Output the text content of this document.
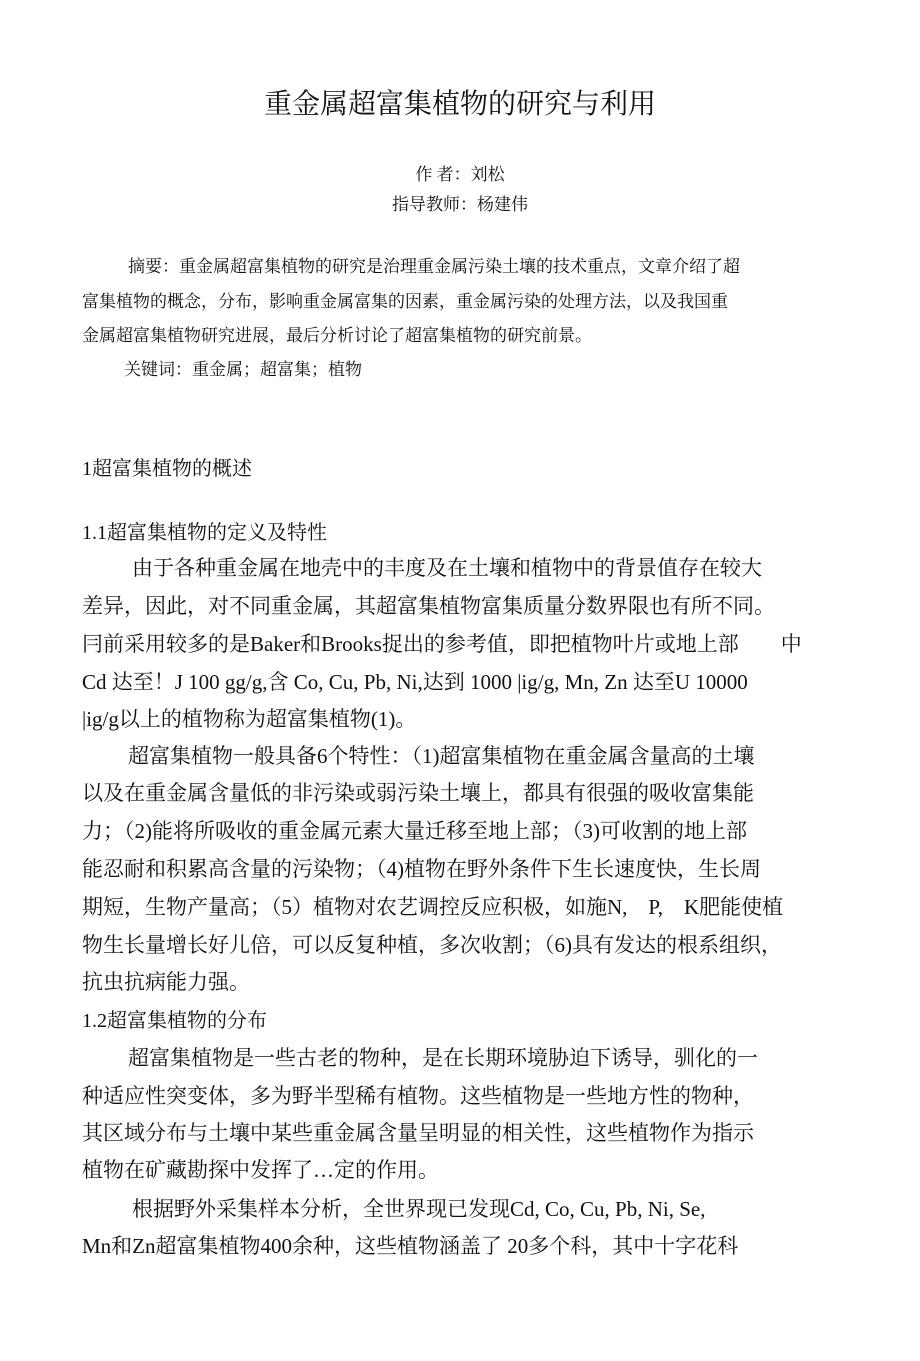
重金属超富集植物的研究与利用
作 者：刘松
指导教师：杨建伟
摘要：重金属超富集植物的研究是治理重金属污染土壤的技术重点，文章介绍了超
富集植物的概念，分布，影响重金属富集的因素，重金属污染的处理方法，以及我国重
金属超富集植物研究进展，最后分析讨论了超富集植物的研究前景。
关键词：重金属；超富集；植物
1超富集植物的概述
1.1超富集植物的定义及特性
由于各种重金属在地壳中的丰度及在土壤和植物中的背景值存在较大
差异，因此，对不同重金属，其超富集植物富集质量分数界限也有所不同。
冃前采用较多的是Baker和Brooks捉出的参考值，即把植物叶片或地上部　　中
Cd 达至！J 100 gg/g,含 Co, Cu, Pb, Ni,达到 1000 |ig/g, Mn, Zn 达至U 10000
|ig/g以上的植物称为超富集植物(1)。
超富集植物一般具备6个特性：（1)超富集植物在重金属含量高的土壤
以及在重金属含量低的非污染或弱污染土壤上，都具有很强的吸收富集能
力；（2)能将所吸收的重金属元素大量迁移至地上部；（3)可收割的地上部
能忍耐和积累高含量的污染物；（4)植物在野外条件下生长速度快，生长周
期短，生物产量高；（5）植物对农艺调控反应积极，如施N,　P,　K肥能使植
物生长量增长好儿倍，可以反复种植，多次收割；（6)具有发达的根系组织，
抗虫抗病能力强。
1.2超富集植物的分布
超富集植物是一些古老的物种，是在长期环境胁迫下诱导，驯化的一
种适应性突变体，多为野半型稀有植物。这些植物是一些地方性的物种，
其区域分布与土壤中某些重金属含量呈明显的相关性，这些植物作为指示
植物在矿藏勘探中发挥了…定的作用。
根据野外采集样本分析，全世界现已发现Cd, Co, Cu, Pb, Ni, Se,
Mn和Zn超富集植物400余种，这些植物涵盖了 20多个科，其中十字花科
